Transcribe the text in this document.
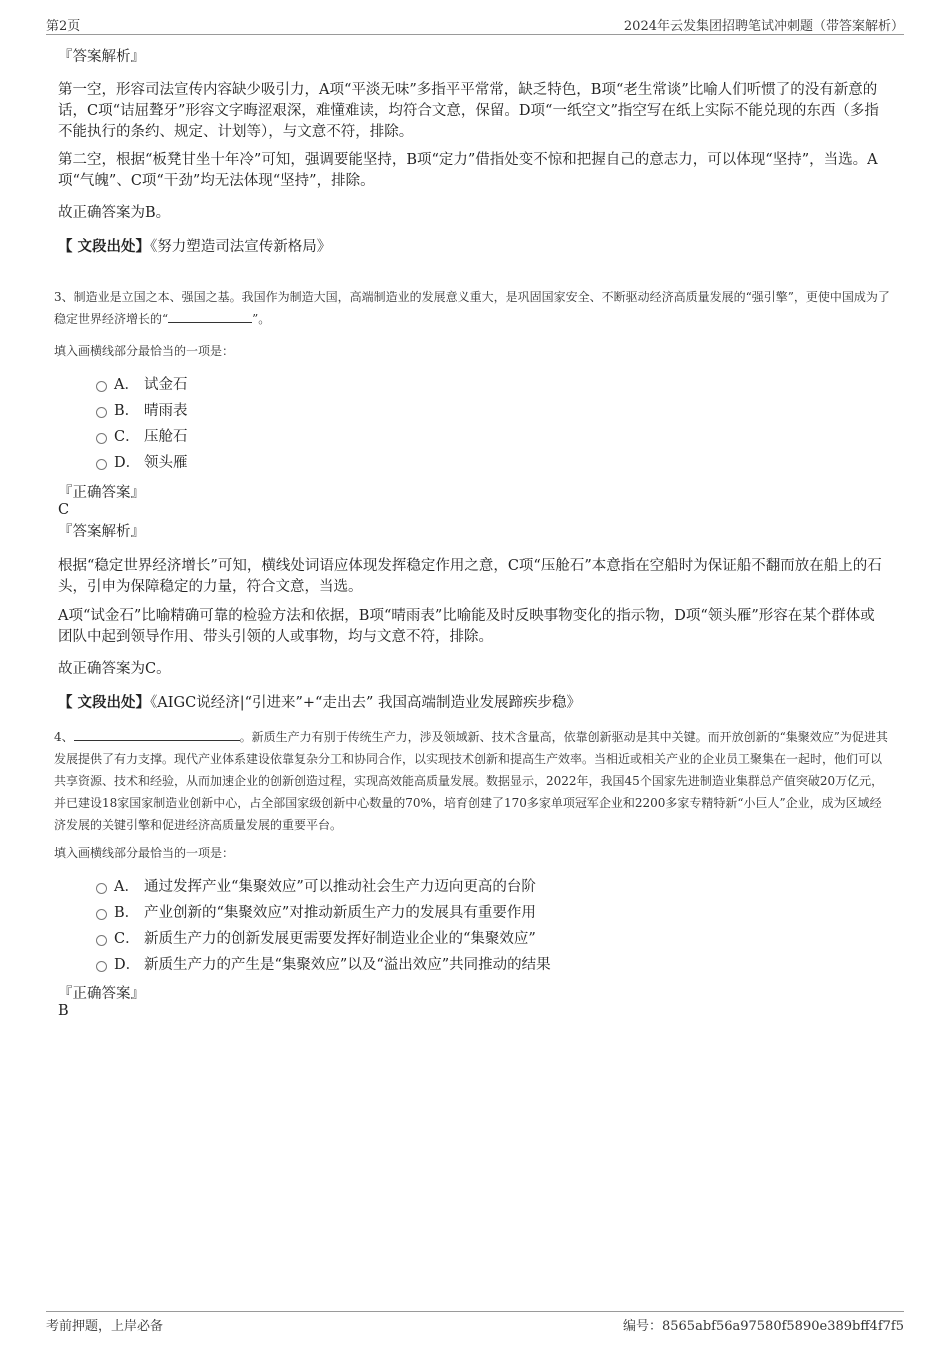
第2页	2024年云发集团招聘笔试冲刺题（带答案解析）
『答案解析』
第一空，形容司法宣传内容缺少吸引力，A项“平淡无味”多指平平常常，缺乏特色，B项“老生常谈”比喻人们听惯了的没有新意的话，C项“诘屈聱牙”形容文字晦涩艰深，难懂难读，均符合文意，保留。D项“一纸空文”指空写在纸上实际不能兑现的东西（多指不能执行的条约、规定、计划等），与文意不符，排除。
第二空，根据“板凳甘坐十年冷”可知，强调要能坚持，B项“定力”借指处变不惊和把握自己的意志力，可以体现“坚持”，当选。A项“气魄”、C项“干劲”均无法体现“坚持”，排除。
故正确答案为B。
【 文段出处】《努力塑造司法宣传新格局》
3、制造业是立国之本、强国之基。我国作为制造大国，高端制造业的发展意义重大，是巩固国家安全、不断驱动经济高质量发展的“强引擎”，更使中国成为了稳定世界经济增长的“	”。
填入画横线部分最恰当的一项是：
A． 试金石
B． 晴雨表
C． 压舱石
D． 领头雁
『正确答案』
C
『答案解析』
根据“稳定世界经济增长”可知，横线处词语应体现发挥稳定作用之意，C项“压舱石”本意指在空船时为保证船不翻而放在船上的石头，引申为保障稳定的力量，符合文意，当选。
A项“试金石”比喻精确可靠的检验方法和依据，B项“晴雨表”比喻能及时反映事物变化的指示物，D项“领头雁”形容在某个群体或团队中起到领导作用、带头引领的人或事物，均与文意不符，排除。
故正确答案为C。
【 文段出处】《AIGC说经济|“引进来”+“走出去” 我国高端制造业发展蹄疾步稳》
4、	。新质生产力有别于传统生产力，涉及领域新、技术含量高，依靠创新驱动是其中关键。而开放创新的“集聚效应”为促进其发展提供了有力支撑。现代产业体系建设依靠复杂分工和协同合作，以实现技术创新和提高生产效率。当相近或相关产业的企业员工聚集在一起时，他们可以共享资源、技术和经验，从而加速企业的创新创造过程，实现高效能高质量发展。数据显示，2022年，我国45个国家先进制造业集群总产值突破20万亿元，并已建设18家国家制造业创新中心，占全部国家级创新中心数量的70%，培育创建了170多家单项冠军企业和2200多家专精特新“小巨人”企业，成为区域经济发展的关键引擎和促进经济高质量发展的重要平台。
填入画横线部分最恰当的一项是：
A． 通过发挥产业“集聚效应”可以推动社会生产力迈向更高的台阶
B． 产业创新的“集聚效应”对推动新质生产力的发展具有重要作用
C． 新质生产力的创新发展更需要发挥好制造业企业的“集聚效应”
D． 新质生产力的产生是“集聚效应”以及“溢出效应”共同推动的结果
『正确答案』
B
考前押题，上岸必备	编号：8565abf56a97580f5890e389bff4f7f5
